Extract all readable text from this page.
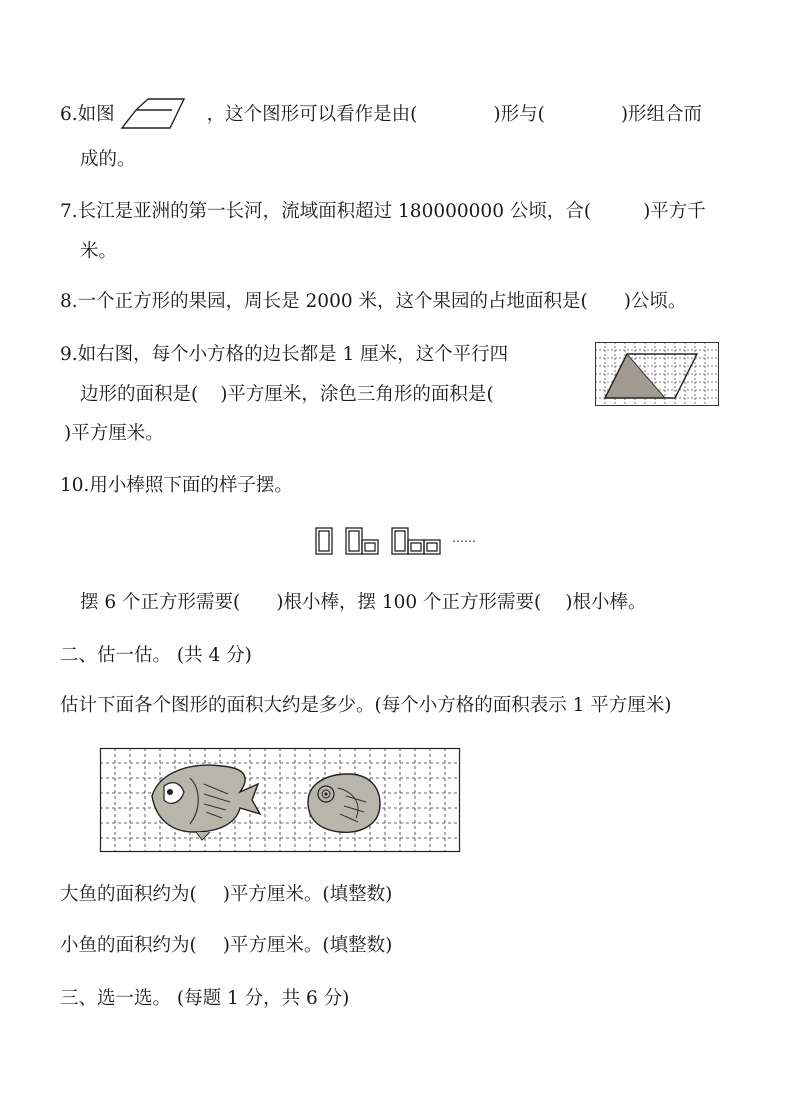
6.如图	，这个图形可以看作是由(	)形与(	)形组合而
成的。
7.长江是亚洲的第一长河，流域面积超过 180000000 公顷，合(	)平方千
米。
8.一个正方形的果园，周长是 2000 米，这个果园的占地面积是( )公顷。
9.如右图，每个小方格的边长都是 1 厘米，这个平行四
边形的面积是( )平方厘米，涂色三角形的面积是(
)平方厘米。
10.用小棒照下面的样子摆。
……
摆 6 个正方形需要( )根小棒，摆 100 个正方形需要( )根小棒。
二、估一估。 (共 4 分)
估计下面各个图形的面积大约是多少。(每个小方格的面积表示 1 平方厘米)
大鱼的面积约为( )平方厘米。(填整数)
小鱼的面积约为( )平方厘米。(填整数)
三、选一选。 (每题 1 分，共 6 分)
